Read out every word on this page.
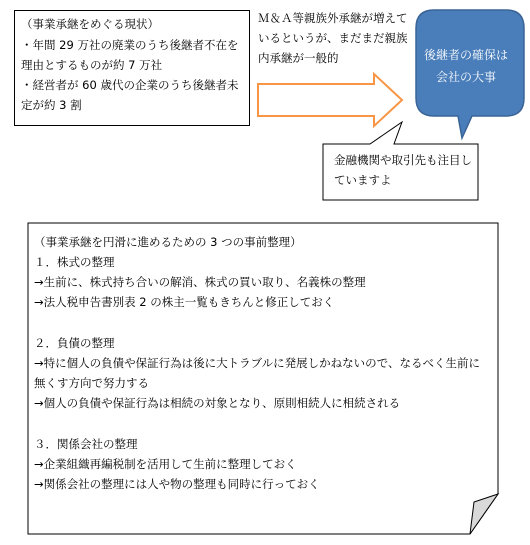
（事業承継をめぐる現状）
・年間 29 万社の廃業のうち後継者不在を理由とするものが約 7 万社
・経営者が 60 歳代の企業のうち後継者未定が約 3 割
Ｍ＆Ａ等親族外承継が増えているというが、まだまだ親族内承継が一般的	後継者の確保は会社の大事
金融機関や取引先も注目していますよ
（事業承継を円滑に進めるための 3 つの事前整理）
１．株式の整理
→生前に、株式持ち合いの解消、株式の買い取り、名義株の整理
→法人税申告書別表 2 の株主一覧もきちんと修正しておく
２．負債の整理
→特に個人の負債や保証行為は後に大トラブルに発展しかねないので、なるべく生前に無くす方向で努力する
→個人の負債や保証行為は相続の対象となり、原則相続人に相続される
３．関係会社の整理
→企業組織再編税制を活用して生前に整理しておく
→関係会社の整理には人や物の整理も同時に行っておく
